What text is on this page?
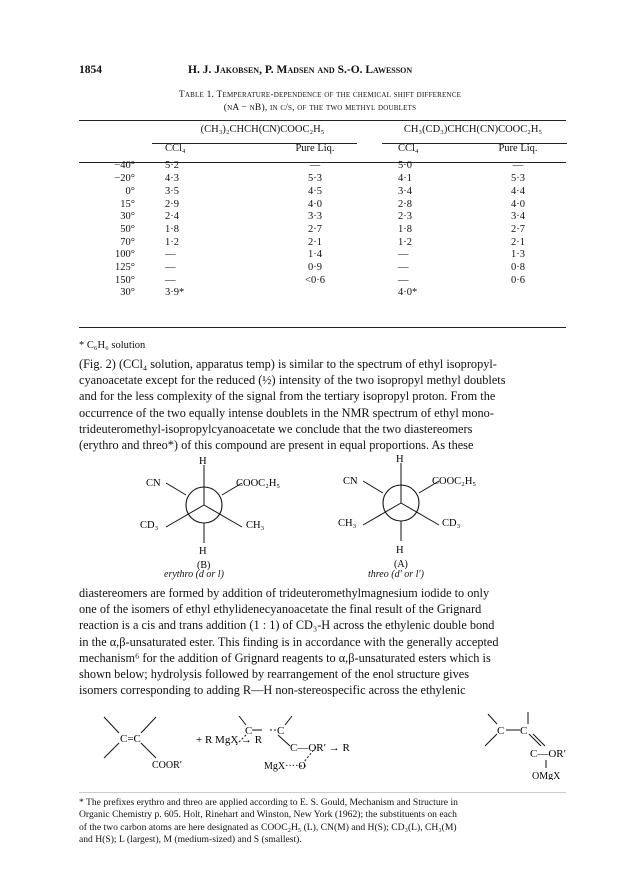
1854	H. J. Jakobsen, P. Madsen and S.-O. Lawesson
Table 1. Temperature-dependence of the chemical shift difference
(νA − νB), in c/s, of the two methyl doublets
	(CH₃)₂CHCH(CN)COOC₂H₅		CH₃(CD₃)CHCH(CN)COOC₂H₅	

	CCl₄	Pure Liq.	CCl₄	Pure Liq.

−40°	5·2	—	5·0	—
−20°	4·3	5·3	4·1	5·3
0°	3·5	4·5	3·4	4·4
15°	2·9	4·0	2·8	4·0
30°	2·4	3·3	2·3	3·4
50°	1·8	2·7	1·8	2·7
70°	1·2	2·1	1·2	2·1
100°	—	1·4	—	1·3
125°	—	0·9	—	0·8
150°	—	<0·6	—	0·6
30°	3·9*		4·0*	
* C₆H₆ solution
(Fig. 2) (CCl₄ solution, apparatus temp) is similar to the spectrum of ethyl isopropyl-
cyanoacetate except for the reduced (½) intensity of the two isopropyl methyl doublets
and for the less complexity of the signal from the tertiary isopropyl proton. From the
occurrence of the two equally intense doublets in the NMR spectrum of ethyl mono-
trideuteromethyl-isopropylcyanoacetate we conclude that the two diastereomers
(erythro and threo*) of this compound are present in equal proportions. As these
H
CN	COOC₂H₅
CD₃	CH₃
H
(B)
H
CN	COOC₂H₅
CH₃	CD₃
H
(A)
erythro (d or l)	threo (d′ or l′)
diastereomers are formed by addition of trideuteromethylmagnesium iodide to only
one of the isomers of ethyl ethylidenecyanoacetate the final result of the Grignard
reaction is a cis and trans addition (1 : 1) of CD₃-H across the ethylenic double bond
in the α,β-unsaturated ester. This finding is in accordance with the generally accepted
mechanism⁶ for the addition of Grignard reagents to α,β-unsaturated esters which is
shown below; hydrolysis followed by rearrangement of the enol structure gives
isomers corresponding to adding R—H non-stereospecific across the ethylenic
C=C
COOR′
+ R MgX → R
C C
C—OR′ → R
MgX····O
C C
C—OR′
OMgX
* The prefixes erythro and threo are applied according to E. S. Gould, Mechanism and Structure in
Organic Chemistry p. 605. Holt, Rinehart and Winston, New York (1962); the substituents on each
of the two carbon atoms are here designated as COOC₂H₅ (L), CN(M) and H(S); CD₃(L), CH₃(M)
and H(S); L (largest), M (medium-sized) and S (smallest).
